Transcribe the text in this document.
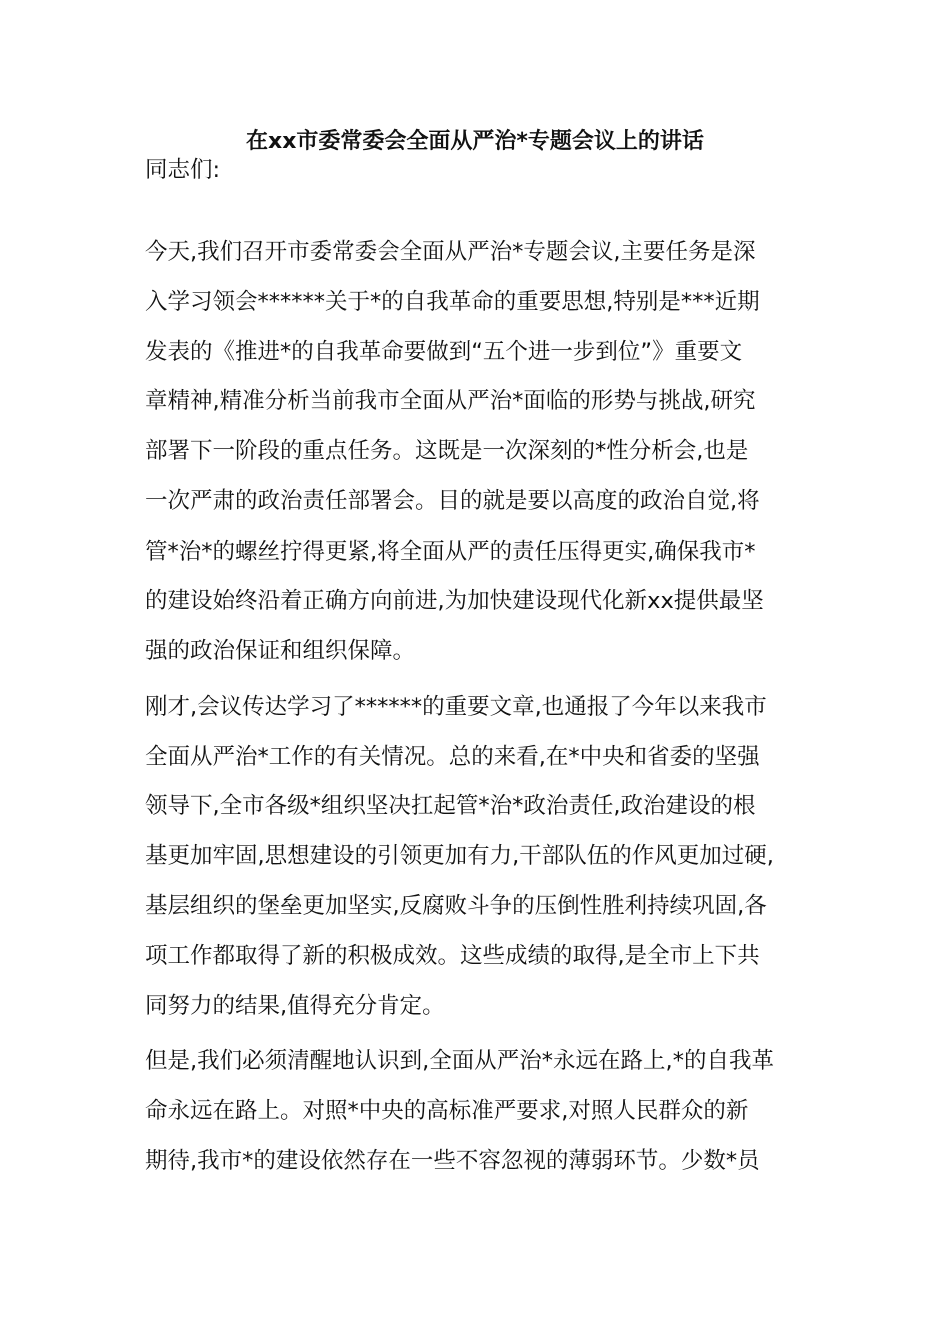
在xx市委常委会全面从严治*专题会议上的讲话

同志们:

今天,我们召开市委常委会全面从严治*专题会议,主要任务是深

入学习领会******关于*的自我革命的重要思想,特别是***近期

发表的《推进*的自我革命要做到“五个进一步到位”》重要文

章精神,精准分析当前我市全面从严治*面临的形势与挑战,研究

部署下一阶段的重点任务。这既是一次深刻的*性分析会,也是

一次严肃的政治责任部署会。目的就是要以高度的政治自觉,将

管*治*的螺丝拧得更紧,将全面从严的责任压得更实,确保我市*

的建设始终沿着正确方向前进,为加快建设现代化新xx提供最坚

强的政治保证和组织保障。

刚才,会议传达学习了******的重要文章,也通报了今年以来我市

全面从严治*工作的有关情况。总的来看,在*中央和省委的坚强

领导下,全市各级*组织坚决扛起管*治*政治责任,政治建设的根

基更加牢固,思想建设的引领更加有力,干部队伍的作风更加过硬,

基层组织的堡垒更加坚实,反腐败斗争的压倒性胜利持续巩固,各

项工作都取得了新的积极成效。这些成绩的取得,是全市上下共

同努力的结果,值得充分肯定。

但是,我们必须清醒地认识到,全面从严治*永远在路上,*的自我革

命永远在路上。对照*中央的高标准严要求,对照人民群众的新

期待,我市*的建设依然存在一些不容忽视的薄弱环节。少数*员
